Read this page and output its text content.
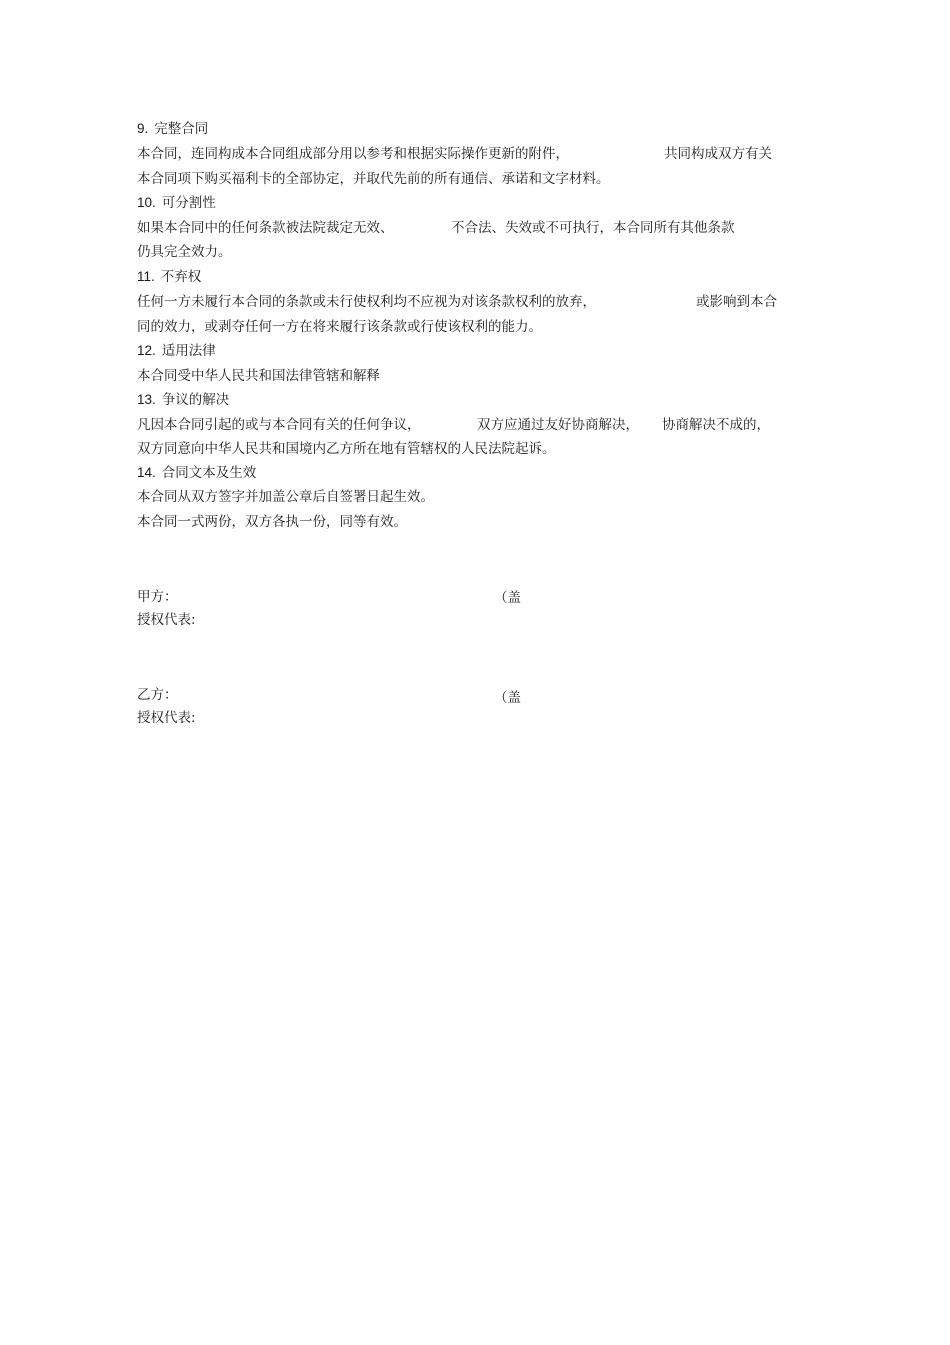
9. 完整合同
本合同，连同构成本合同组成部分用以参考和根据实际操作更新的附件，	共同构成双方有关
本合同项下购买福利卡的全部协定，并取代先前的所有通信、承诺和文字材料。
10. 可分割性
如果本合同中的任何条款被法院裁定无效、	不合法、失效或不可执行，本合同所有其他条款
仍具完全效力。
11. 不弃权
任何一方未履行本合同的条款或未行使权利均不应视为对该条款权利的放弃，	或影响到本合
同的效力，或剥夺任何一方在将来履行该条款或行使该权利的能力。
12. 适用法律
本合同受中华人民共和国法律管辖和解释
13. 争议的解决
凡因本合同引起的或与本合同有关的任何争议，	双方应通过友好协商解决， 协商解决不成的，
双方同意向中华人民共和国境内乙方所在地有管辖权的人民法院起诉。
14. 合同文本及生效
本合同从双方签字并加盖公章后自签署日起生效。
本合同一式两份，双方各执一份，同等有效。
甲方：	（盖
授权代表:
乙方：	（盖
授权代表:
